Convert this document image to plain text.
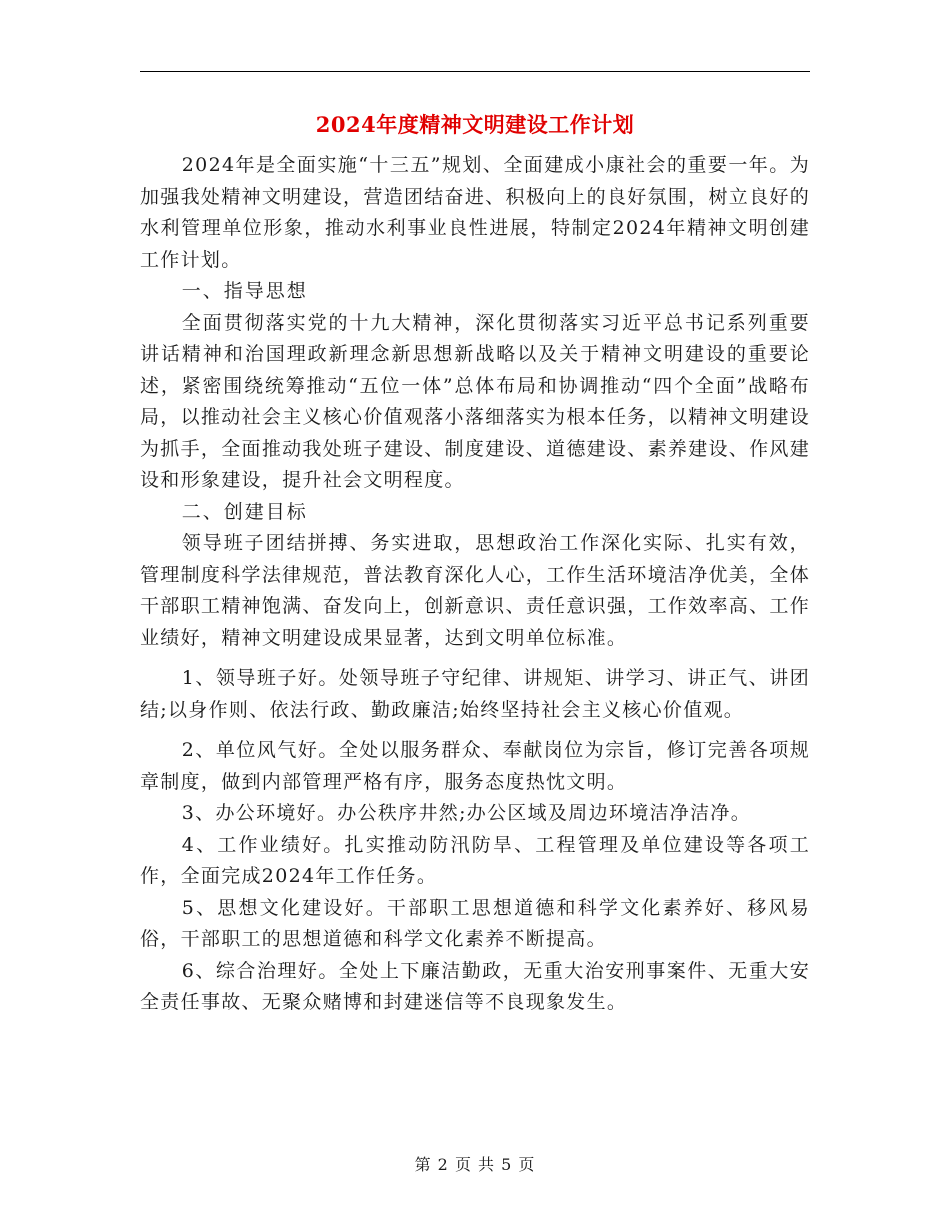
2024年度精神文明建设工作计划

2024年是全面实施“十三五”规划、全面建成小康社会的重要一年。为加强我处精神文明建设，营造团结奋进、积极向上的良好氛围，树立良好的水利管理单位形象，推动水利事业良性进展，特制定2024年精神文明创建工作计划。

一、指导思想

全面贯彻落实党的十九大精神，深化贯彻落实习近平总书记系列重要讲话精神和治国理政新理念新思想新战略以及关于精神文明建设的重要论述，紧密围绕统筹推动“五位一体”总体布局和协调推动“四个全面”战略布局，以推动社会主义核心价值观落小落细落实为根本任务，以精神文明建设为抓手，全面推动我处班子建设、制度建设、道德建设、素养建设、作风建设和形象建设，提升社会文明程度。

二、创建目标

领导班子团结拼搏、务实进取，思想政治工作深化实际、扎实有效，管理制度科学法律规范，普法教育深化人心，工作生活环境洁净优美，全体干部职工精神饱满、奋发向上，创新意识、责任意识强，工作效率高、工作业绩好，精神文明建设成果显著，达到文明单位标准。

1、领导班子好。处领导班子守纪律、讲规矩、讲学习、讲正气、讲团结;以身作则、依法行政、勤政廉洁;始终坚持社会主义核心价值观。

2、单位风气好。全处以服务群众、奉献岗位为宗旨，修订完善各项规章制度，做到内部管理严格有序，服务态度热忱文明。

3、办公环境好。办公秩序井然;办公区域及周边环境洁净洁净。

4、工作业绩好。扎实推动防汛防旱、工程管理及单位建设等各项工作，全面完成2024年工作任务。

5、思想文化建设好。干部职工思想道德和科学文化素养好、移风易俗，干部职工的思想道德和科学文化素养不断提高。

6、综合治理好。全处上下廉洁勤政，无重大治安刑事案件、无重大安全责任事故、无聚众赌博和封建迷信等不良现象发生。

第 2 页 共 5 页
